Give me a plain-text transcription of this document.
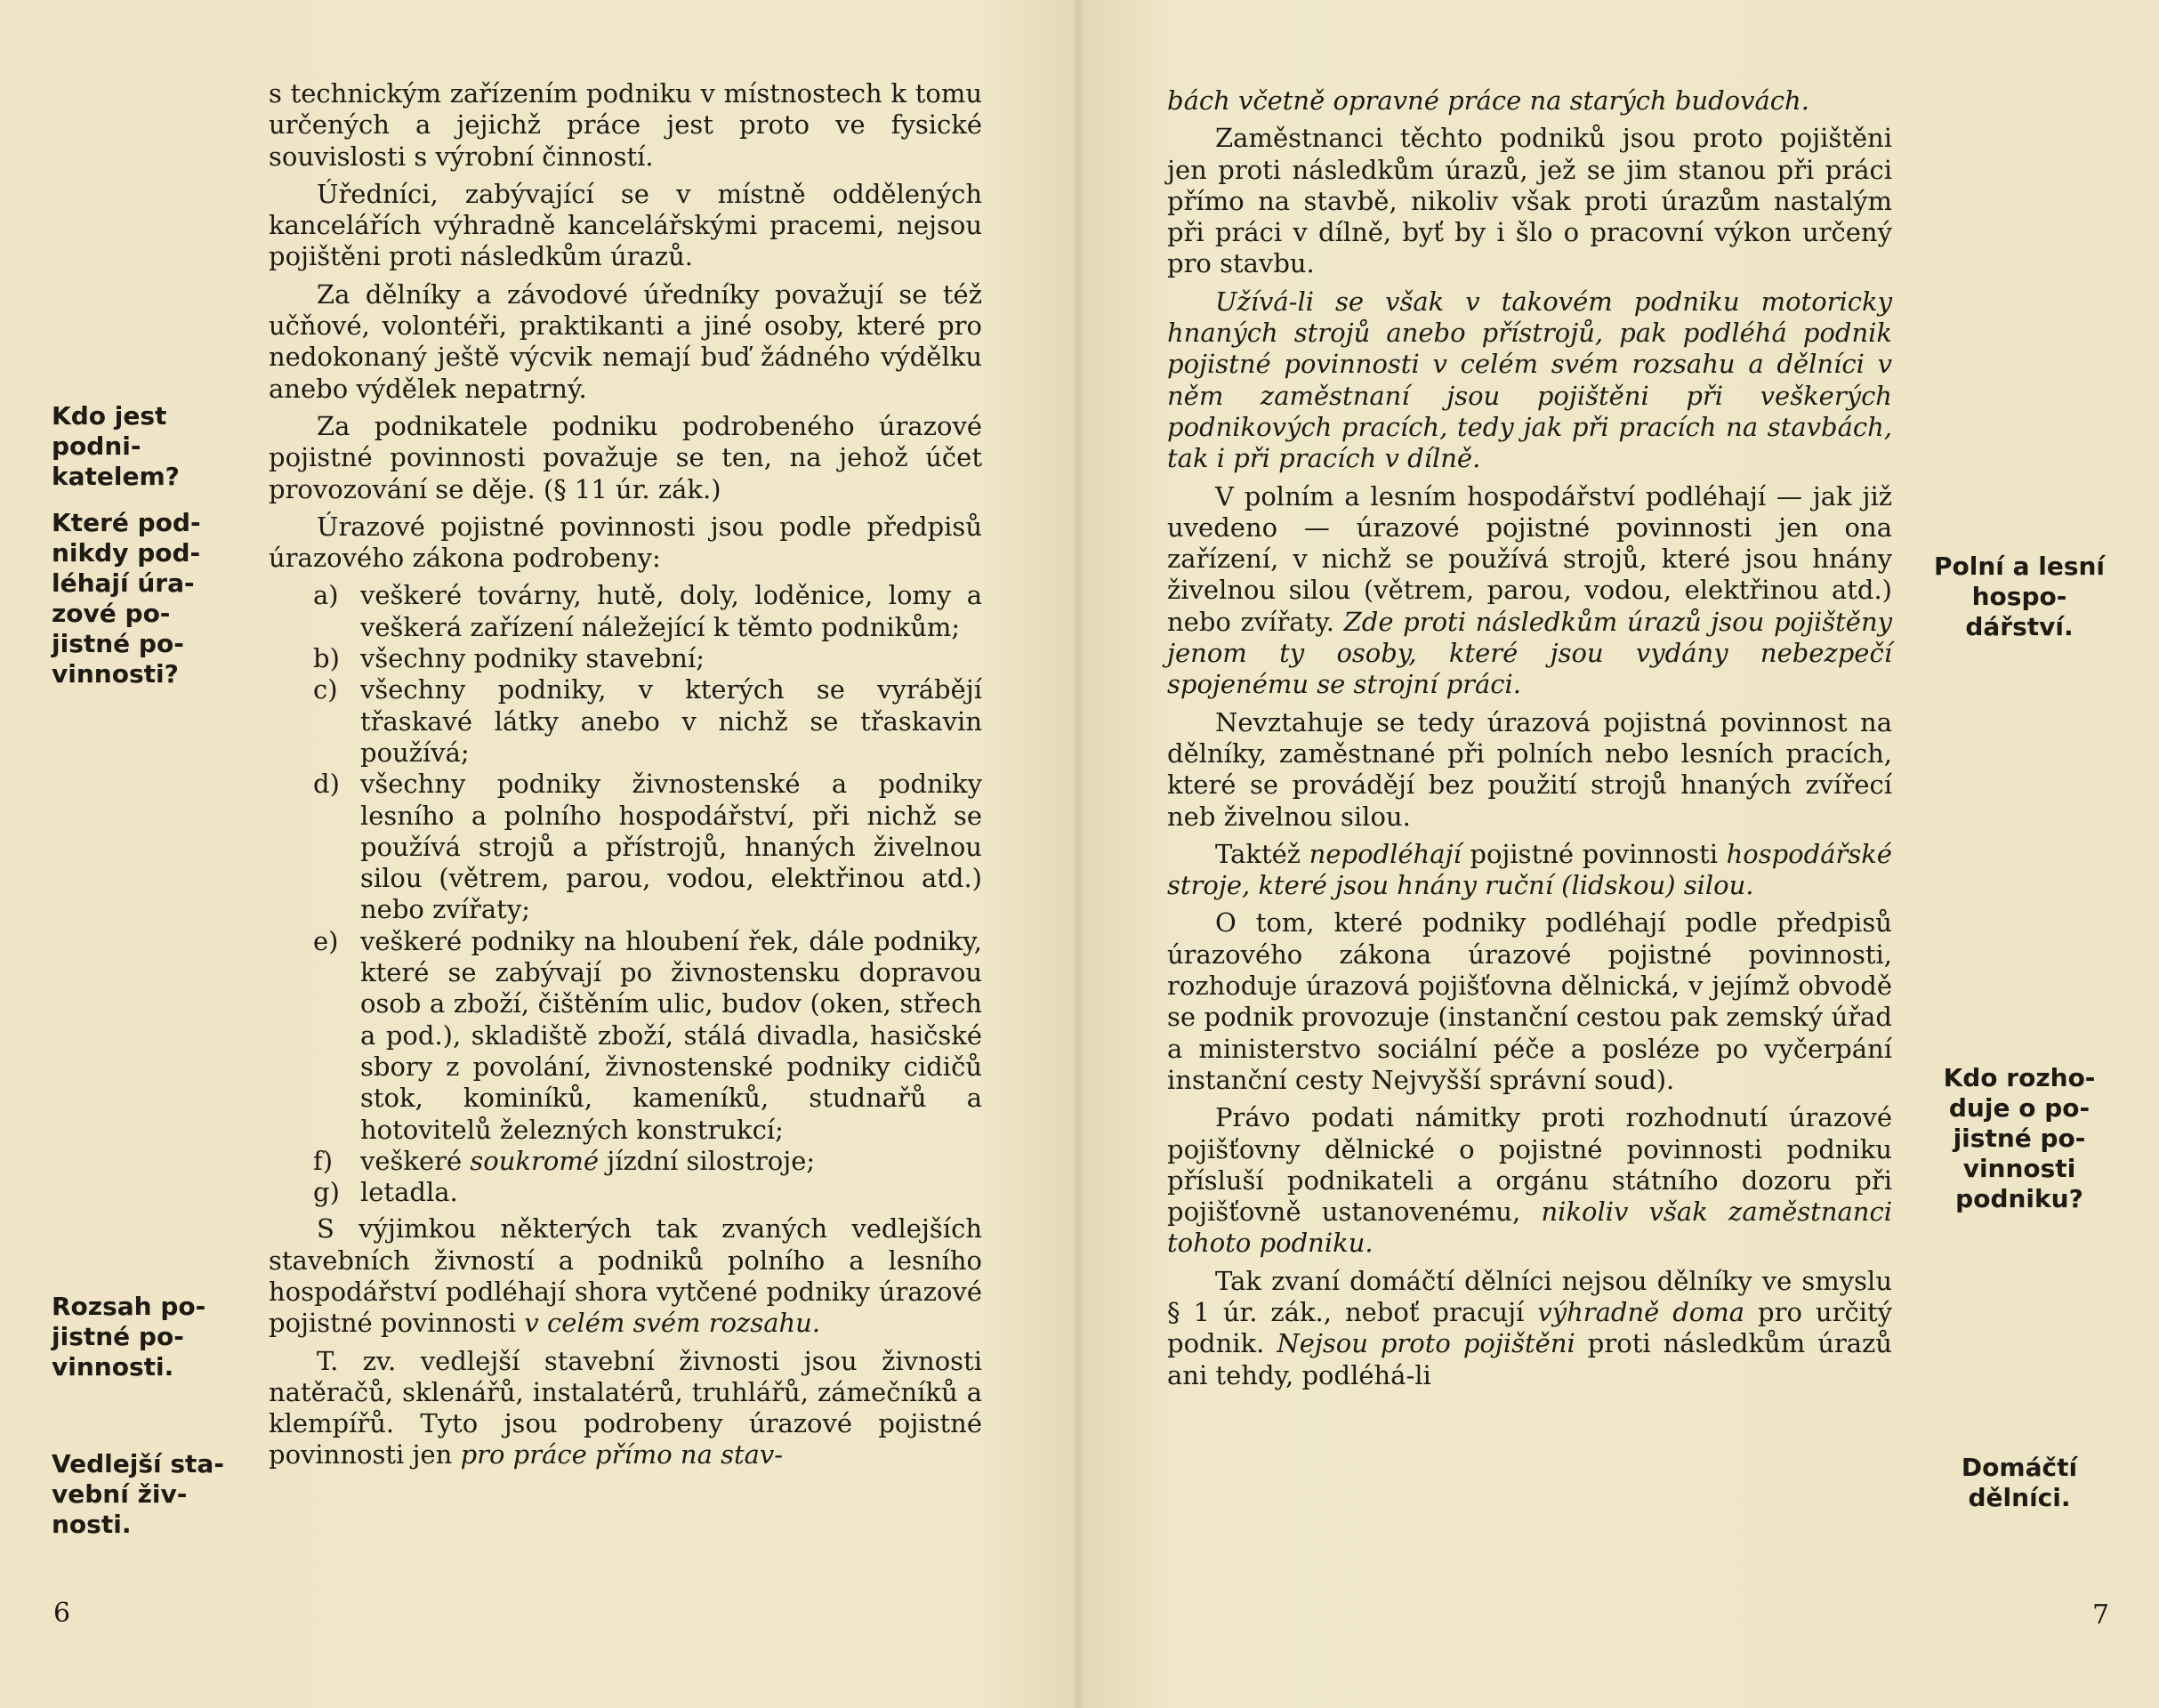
Kdo jest
podni-
katelem?
Které pod-
nikdy pod-
léhají úra-
zové po-
jistné po-
vinnosti?
Rozsah po-
jistné po-
vinnosti.
Vedlejší sta-
vební živ-
nosti.

s technickým zařízením podniku v místnostech k tomu určených a jejichž práce jest proto ve fysické souvislosti s výrobní činností.

Úředníci, zabývající se v místně oddělených kancelářích výhradně kancelářskými pracemi, nejsou pojištěni proti následkům úrazů.

Za dělníky a závodové úředníky považují se též učňové, volontéři, praktikanti a jiné osoby, které pro nedokonaný ještě výcvik nemají buď žádného výdělku anebo výdělek nepatrný.

Za podnikatele podniku podrobeného úrazové pojistné povinnosti považuje se ten, na jehož účet provozování se děje. (§ 11 úr. zák.)

Úrazové pojistné povinnosti jsou podle předpisů úrazového zákona podrobeny:

a) veškeré továrny, hutě, doly, loděnice, lomy a veškerá zařízení náležející k těmto podnikům;
b) všechny podniky stavební;
c) všechny podniky, v kterých se vyrábějí třaskavé látky anebo v nichž se třaskavin používá;
d) všechny podniky živnostenské a podniky lesního a polního hospodářství, při nichž se používá strojů a přístrojů, hnaných živelnou silou (větrem, parou, vodou, elektřinou atd.) nebo zvířaty;
e) veškeré podniky na hloubení řek, dále podniky, které se zabývají po živnostensku dopravou osob a zboží, čištěním ulic, budov (oken, střech a pod.), skladiště zboží, stálá divadla, hasičské sbory z povolání, živnostenské podniky cidičů stok, kominíků, kameníků, studnařů a hotovitelů železných konstrukcí;
f) veškeré soukromé jízdní silostroje;
g) letadla.

S výjimkou některých tak zvaných vedlejších stavebních živností a podniků polního a lesního hospodářství podléhají shora vytčené podniky úrazové pojistné povinnosti v celém svém rozsahu.

T. zv. vedlejší stavební živnosti jsou živnosti natěračů, sklenářů, instalatérů, truhlářů, zámečníků a klempířů. Tyto jsou podrobeny úrazové pojistné povinnosti jen pro práce přímo na stav-

6
Polní a lesní
hospo-
dářství.
Kdo rozho-
duje o po-
jistné po-
vinnosti
podniku?
Domáčtí
dělníci.

bách včetně opravné práce na starých budovách.

Zaměstnanci těchto podniků jsou proto pojištěni jen proti následkům úrazů, jež se jim stanou při práci přímo na stavbě, nikoliv však proti úrazům nastalým při práci v dílně, byť by i šlo o pracovní výkon určený pro stavbu.

Užívá-li se však v takovém podniku motoricky hnaných strojů anebo přístrojů, pak podléhá podnik pojistné povinnosti v celém svém rozsahu a dělníci v něm zaměstnaní jsou pojištěni při veškerých podnikových pracích, tedy jak při pracích na stavbách, tak i při pracích v dílně.

V polním a lesním hospodářství podléhají — jak již uvedeno — úrazové pojistné povinnosti jen ona zařízení, v nichž se používá strojů, které jsou hnány živelnou silou (větrem, parou, vodou, elektřinou atd.) nebo zvířaty. Zde proti následkům úrazů jsou pojištěny jenom ty osoby, které jsou vydány nebezpečí spojenému se strojní práci.

Nevztahuje se tedy úrazová pojistná povinnost na dělníky, zaměstnané při polních nebo lesních pracích, které se provádějí bez použití strojů hnaných zvířecí neb živelnou silou.

Taktéž nepodléhají pojistné povinnosti hospodářské stroje, které jsou hnány ruční (lidskou) silou.

O tom, které podniky podléhají podle předpisů úrazového zákona úrazové pojistné povinnosti, rozhoduje úrazová pojišťovna dělnická, v jejímž obvodě se podnik provozuje (instanční cestou pak zemský úřad a ministerstvo sociální péče a posléze po vyčerpání instanční cesty Nejvyšší správní soud).

Právo podati námitky proti rozhodnutí úrazové pojišťovny dělnické o pojistné povinnosti podniku přísluší podnikateli a orgánu státního dozoru při pojišťovně ustanovenému, nikoliv však zaměstnanci tohoto podniku.

Tak zvaní domáčtí dělníci nejsou dělníky ve smyslu § 1 úr. zák., neboť pracují výhradně doma pro určitý podnik. Nejsou proto pojištěni proti následkům úrazů ani tehdy, podléhá-li

7
